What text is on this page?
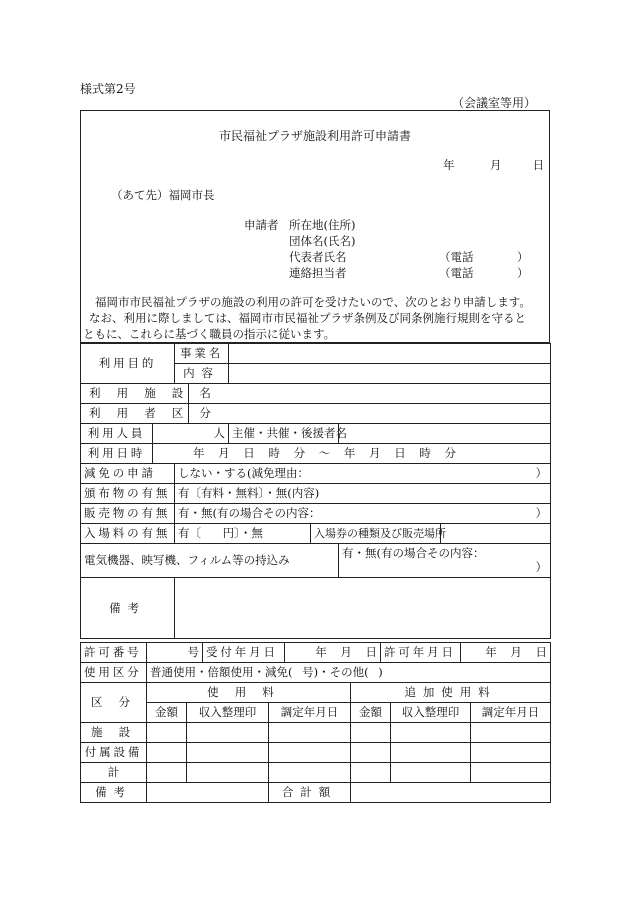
様式第2号
（会議室等用）
市民福祉プラザ施設利用許可申請書
年	月	日
（あて先）福岡市長
申請者 所在地(住所)
団体名(氏名)
代表者氏名
連絡担当者
（電話	）
（電話	）
福岡市市民福祉プラザの施設の利用の許可を受けたいので、次のとおり申請します。
なお、利用に際しましては、福岡市市民福祉プラザ条例及び同条例施行規則を守ると
ともに、これらに基づく職員の指示に従います。
利用目的		事業名					
		内容					
利用施設名							
利用者区分							
利用人員	人			主催・共催・後援者名			
利用日時	年 月 日 時 分 ～ 年 月 日 時 分						
減免の申請		しない・する(減免理由： ）					

頒布物の有無		有〔有料・無料〕・無(内容)					
販売物の有無		有・無(有の場合その内容： ）					

入場料の有無		有〔 円〕・無			入場券の種類及び販売場所		
電気機器、映写機、フィルム等の持込み						有・無(有の場合その内容：
）	

備考							
許可番号	号	受付年月日	年 月 日	許可年月日	年 月 日
使用区分	普通使用・倍額使用・減免( 号)・その他( )				
区分	使用料			追加使用料		
	金額	収入整理印	調定年月日	金額	収入整理印	調定年月日
施設						
付属設備						
計						
備考			合計額			
